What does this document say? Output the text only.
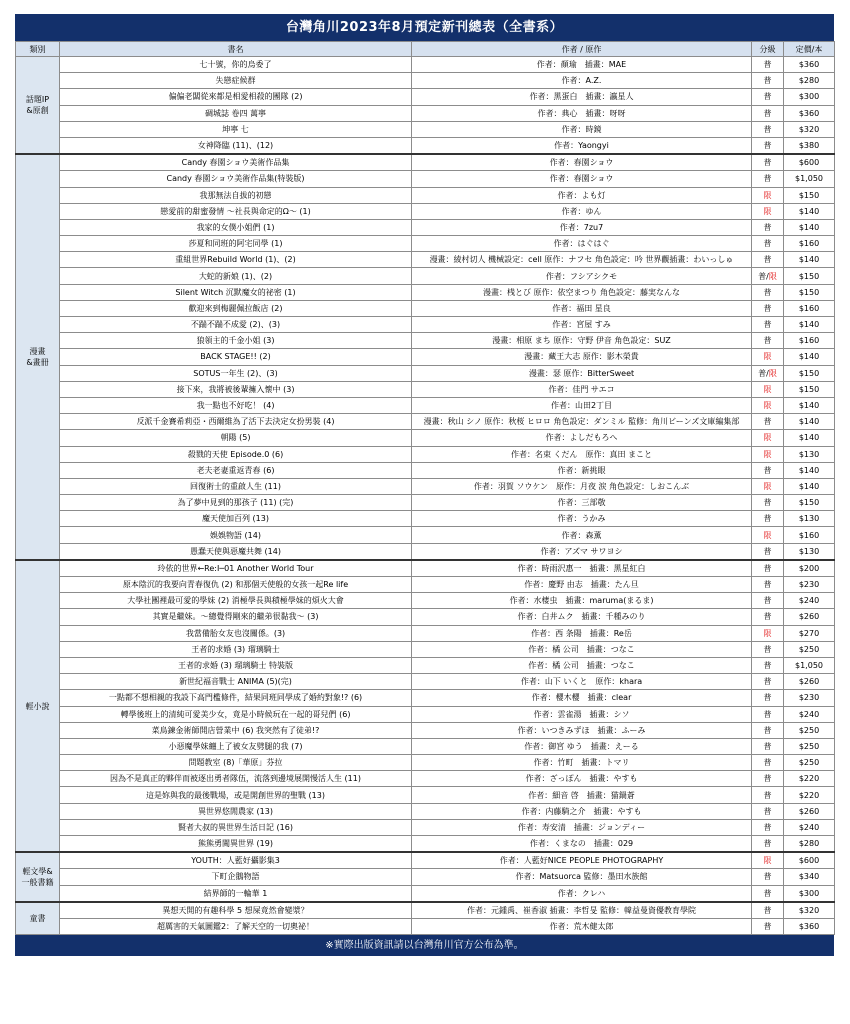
台灣角川2023年8月預定新刊總表（全書系）
類別	書名	作者 / 原作	分級	定價/本
話題IP
&原創	七十號，你的烏委了	作者：顏瑜　插畫：MAE	普	$360
	失戀症候群	作者：A.Z.	普	$280
	偏偏老闆從來都是相愛相殺的團隊 (2)	作者：黑蛋白　插畫：瀛星人	普	$300
	碉城誌 卷四 萬寧	作者：典心　插畫：呀呀	普	$360
	坤寧 七	作者：時鏡	普	$320
	女神降臨 (11)、(12)	作者：Yaongyi	普	$380
漫畫
&畫冊	Candy 春園ショウ美術作品集	作者：春園ショウ	普	$600
	Candy 春園ショウ美術作品集(特裝版)	作者：春園ショウ	普	$1,050
	我那無法自拔的初戀	作者：よも灯	限	$150
	戀愛前的甜蜜發情 ～社長與命定的Ω～ (1)	作者：ゆん	限	$140
	我家的女僕小姐們 (1)	作者：7zu7	普	$140
	莎夏和同班的阿宅同學 (1)	作者：はぐはぐ	普	$160
	重組世界Rebuild World (1)、(2)	漫畫：綾村切人 機械設定：cell 原作：ナフセ 角色設定：吟 世界觀插畫：わいっしゅ	普	$140
	大蛇的新娘 (1)、(2)	作者：フシアシクモ	普/限	$150
	Silent Witch 沉默魔女的祕密 (1)	漫畫：桟とび 原作：依空まつり 角色設定：藤実なんな	普	$150
	歡迎來到梅麗佩拉飯店 (2)	作者：福田 星良	普	$160
	不踹不踹不成愛 (2)、(3)	作者：宮屋 すみ	普	$140
	狼領主的千金小姐 (3)	漫畫：相原 まち 原作：守野 伊音 角色設定：SUZ	普	$160
	BACK STAGE!! (2)	漫畫：藏王大志 原作：影木榮貴	限	$140
	SOTUS一年生 (2)、(3)	漫畫：瑟 原作：BitterSweet	普/限	$150
	接下來，我將被後輩擁入懷中 (3)	作者：佳門 サエコ	限	$150
	我一點也不好吃！ (4)	作者：山田2丁目	限	$140
	反派千金賽希莉亞・西爾維為了活下去決定女扮男裝 (4)	漫畫：秋山 シノ 原作：秋桜 ヒロロ 角色設定：ダンミル 監修：角川ビーンズ文庫編集部	普	$140
	朝陽 (5)	作者：よしだもろへ	限	$140
	殺戮的天使 Episode.0 (6)	作者：名束 くだん　原作：真田 まこと	限	$130
	老夫老妻重返青春 (6)	作者：新挑眼	普	$140
	回復術士的重啟人生 (11)	作者：羽賀 ソウケン　原作：月夜 涙 角色設定：しおこんぶ	限	$140
	為了夢中見到的那孩子 (11) (完)	作者：三部敬	普	$150
	魔天使加百列 (13)	作者：うかみ	普	$130
	娛娛物語 (14)	作者：森薰	限	$160
	愚蠢天使與惡魔共舞 (14)	作者：アズマ サワヨシ	普	$130
輕小說	玲依的世界←Re:I─01 Another World Tour	作者：時雨沢惠一　插畫：黑星紅白	普	$200
	原本陰沉的我要向青春復仇 (2) 和那個天使般的女孩一起Re life	作者：慶野 由志　插畫：たん旦	普	$230
	大學社團裡最可愛的學妹 (2) 消極學長與積極學妹的煩火大會	作者：水棲虫　插畫：maruma(まるま)	普	$240
	其實是繼妹。～總覺得剛來的繼弟很黏我～ (3)	作者：白井ムク　插畫：千種みのり	普	$260
	我當備胎女友也沒關係。(3)	作者：西 条陽　插畫：Re岳	限	$270
	王者的求婚 (3) 瑠璃騎士	作者：橘 公司　插畫：つなこ	普	$250
	王者的求婚 (3) 瑠璃騎士 特裝版	作者：橘 公司　插畫：つなこ	普	$1,050
	新世紀福音戰士 ANIMA (5)(完)	作者：山下 いくと　原作：khara	普	$260
	一點都不想相親的我設下高門檻條件，結果同班同學成了婚約對象!? (6)	作者：櫻木櫻　插畫：clear	普	$230
	轉學後班上的清純可愛美少女，竟是小時候玩在一起的哥兒們 (6)	作者：雲雀湯　插畫：シソ	普	$240
	菜鳥鍊金術師開店營業中 (6) 我突然有了徒弟!?	作者：いつきみずほ　插畫：ふーみ	普	$250
	小惡魔學妹纏上了被女友劈腿的我 (7)	作者：御宮 ゆう　插畫：えーる	普	$250
	問題教室 (8)「華原」芬拉	作者：竹町　插畫：トマリ	普	$250
	因為不是真正的夥伴而被逐出勇者隊伍，流落到邊境展開慢活人生 (11)	作者：ざっぽん　插畫：やすも	普	$220
	這是妳與我的最後戰場，或是開創世界的聖戰 (13)	作者：細音 啓　插畫：猫鍋蒼	普	$220
	異世界悠閒農家 (13)	作者：内藤騎之介　插畫：やすも	普	$260
	賢者大叔的異世界生活日記 (16)	作者：寿安清　插畫：ジョンディー	普	$240
	熊熊勇闖異世界 (19)	作者：くまなの　插畫：029	普	$280
輕文學&
一般書籍	YOUTH：人藍好攝影集3	作者：人藍好NICE PEOPLE PHOTOGRAPHY	限	$600
	下町企鵝物語	作者：Matsuorca 監修：墨田水族館	普	$340
	結界師的一輪華 1	作者：クレハ	普	$300
童書	異想天開的有趣科學 5 想屎竟然會變漿？	作者：元鍾禹、崔香淑 插畫：李哲旻 監修：韓益曼資優教育學院	普	$320
	超厲害的天氣圖鑑2：了解天空的一切奧祕！	作者：荒木健太郎	普	$360
※實際出版資訊請以台灣角川官方公布為準。
